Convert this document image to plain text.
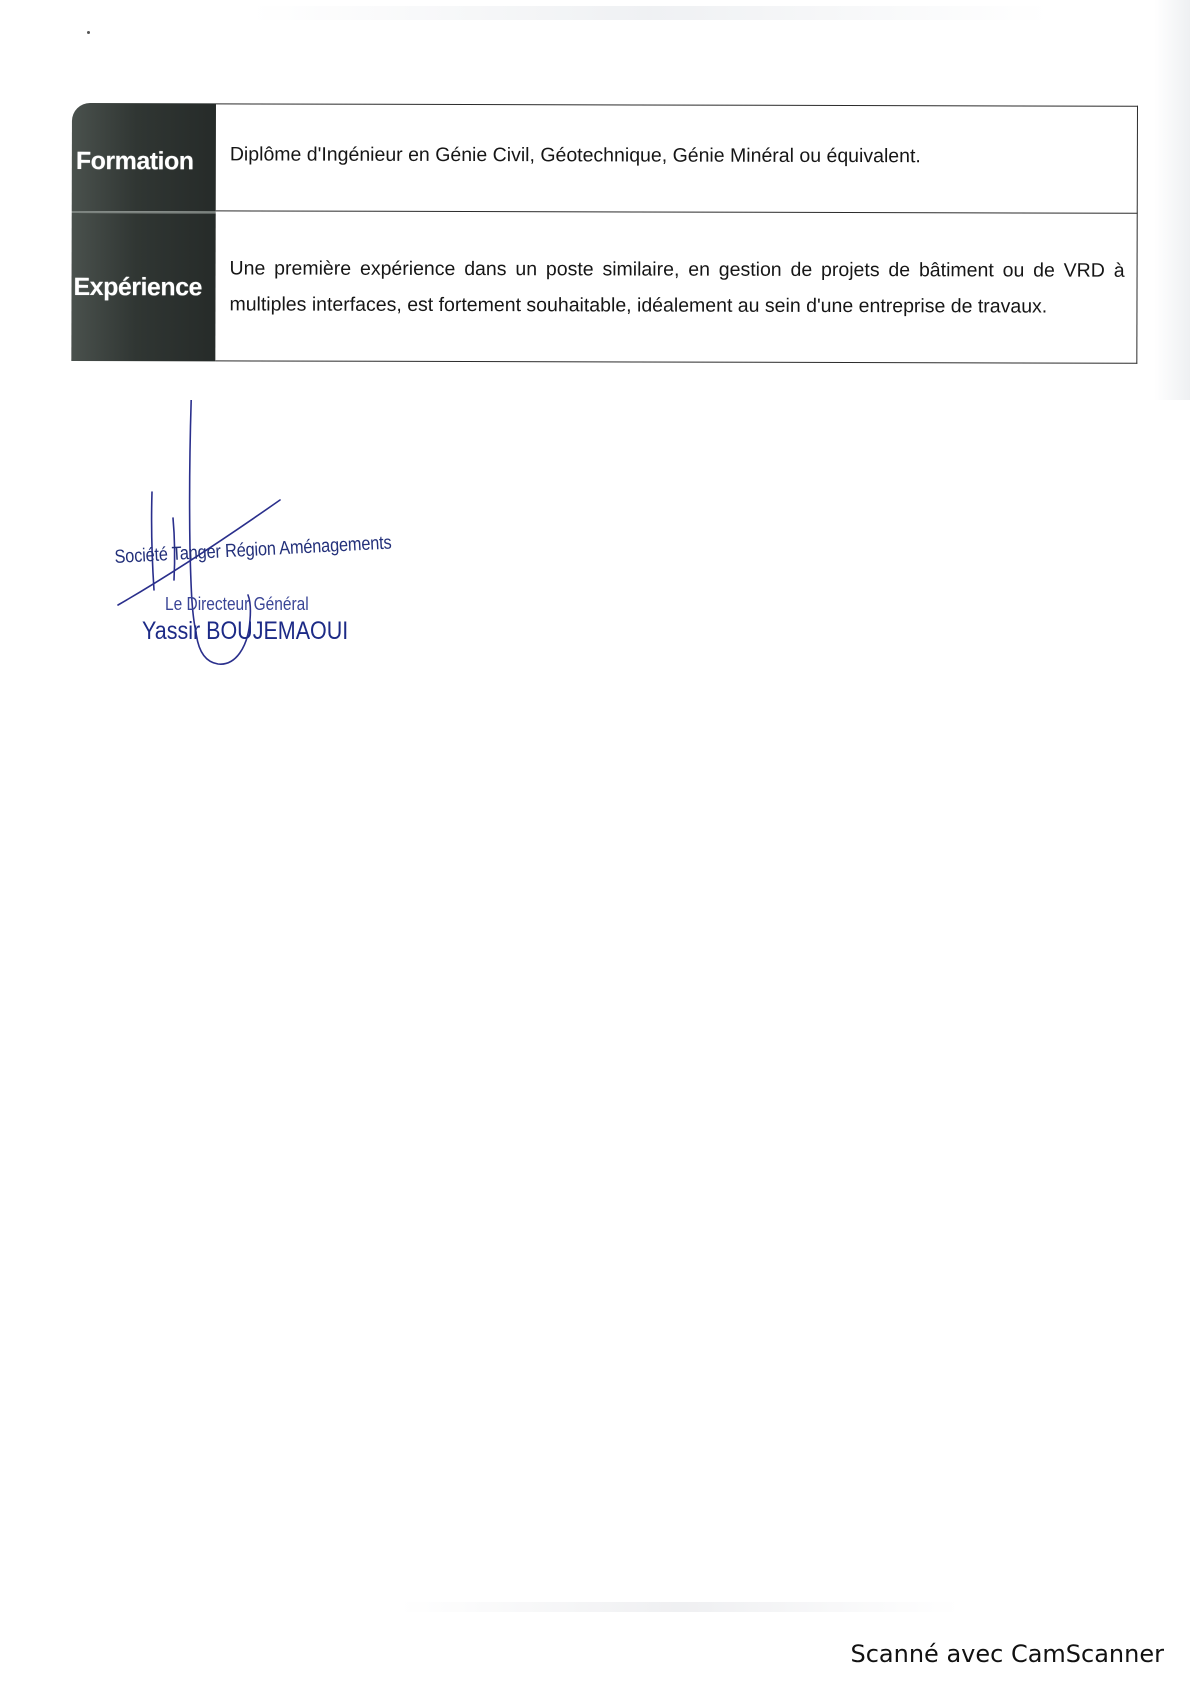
Formation	Diplôme d'Ingénieur en Génie Civil, Géotechnique, Génie Minéral ou équivalent.
Expérience
Une première expérience dans un poste similaire, en gestion de projets de bâtiment ou de VRD à multiples interfaces, est fortement souhaitable, idéalement au sein d'une entreprise de travaux.
Société Tanger Région Aménagements
Le Directeur Général
Yassir BOUJEMAOUI
Scanné avec CamScanner
